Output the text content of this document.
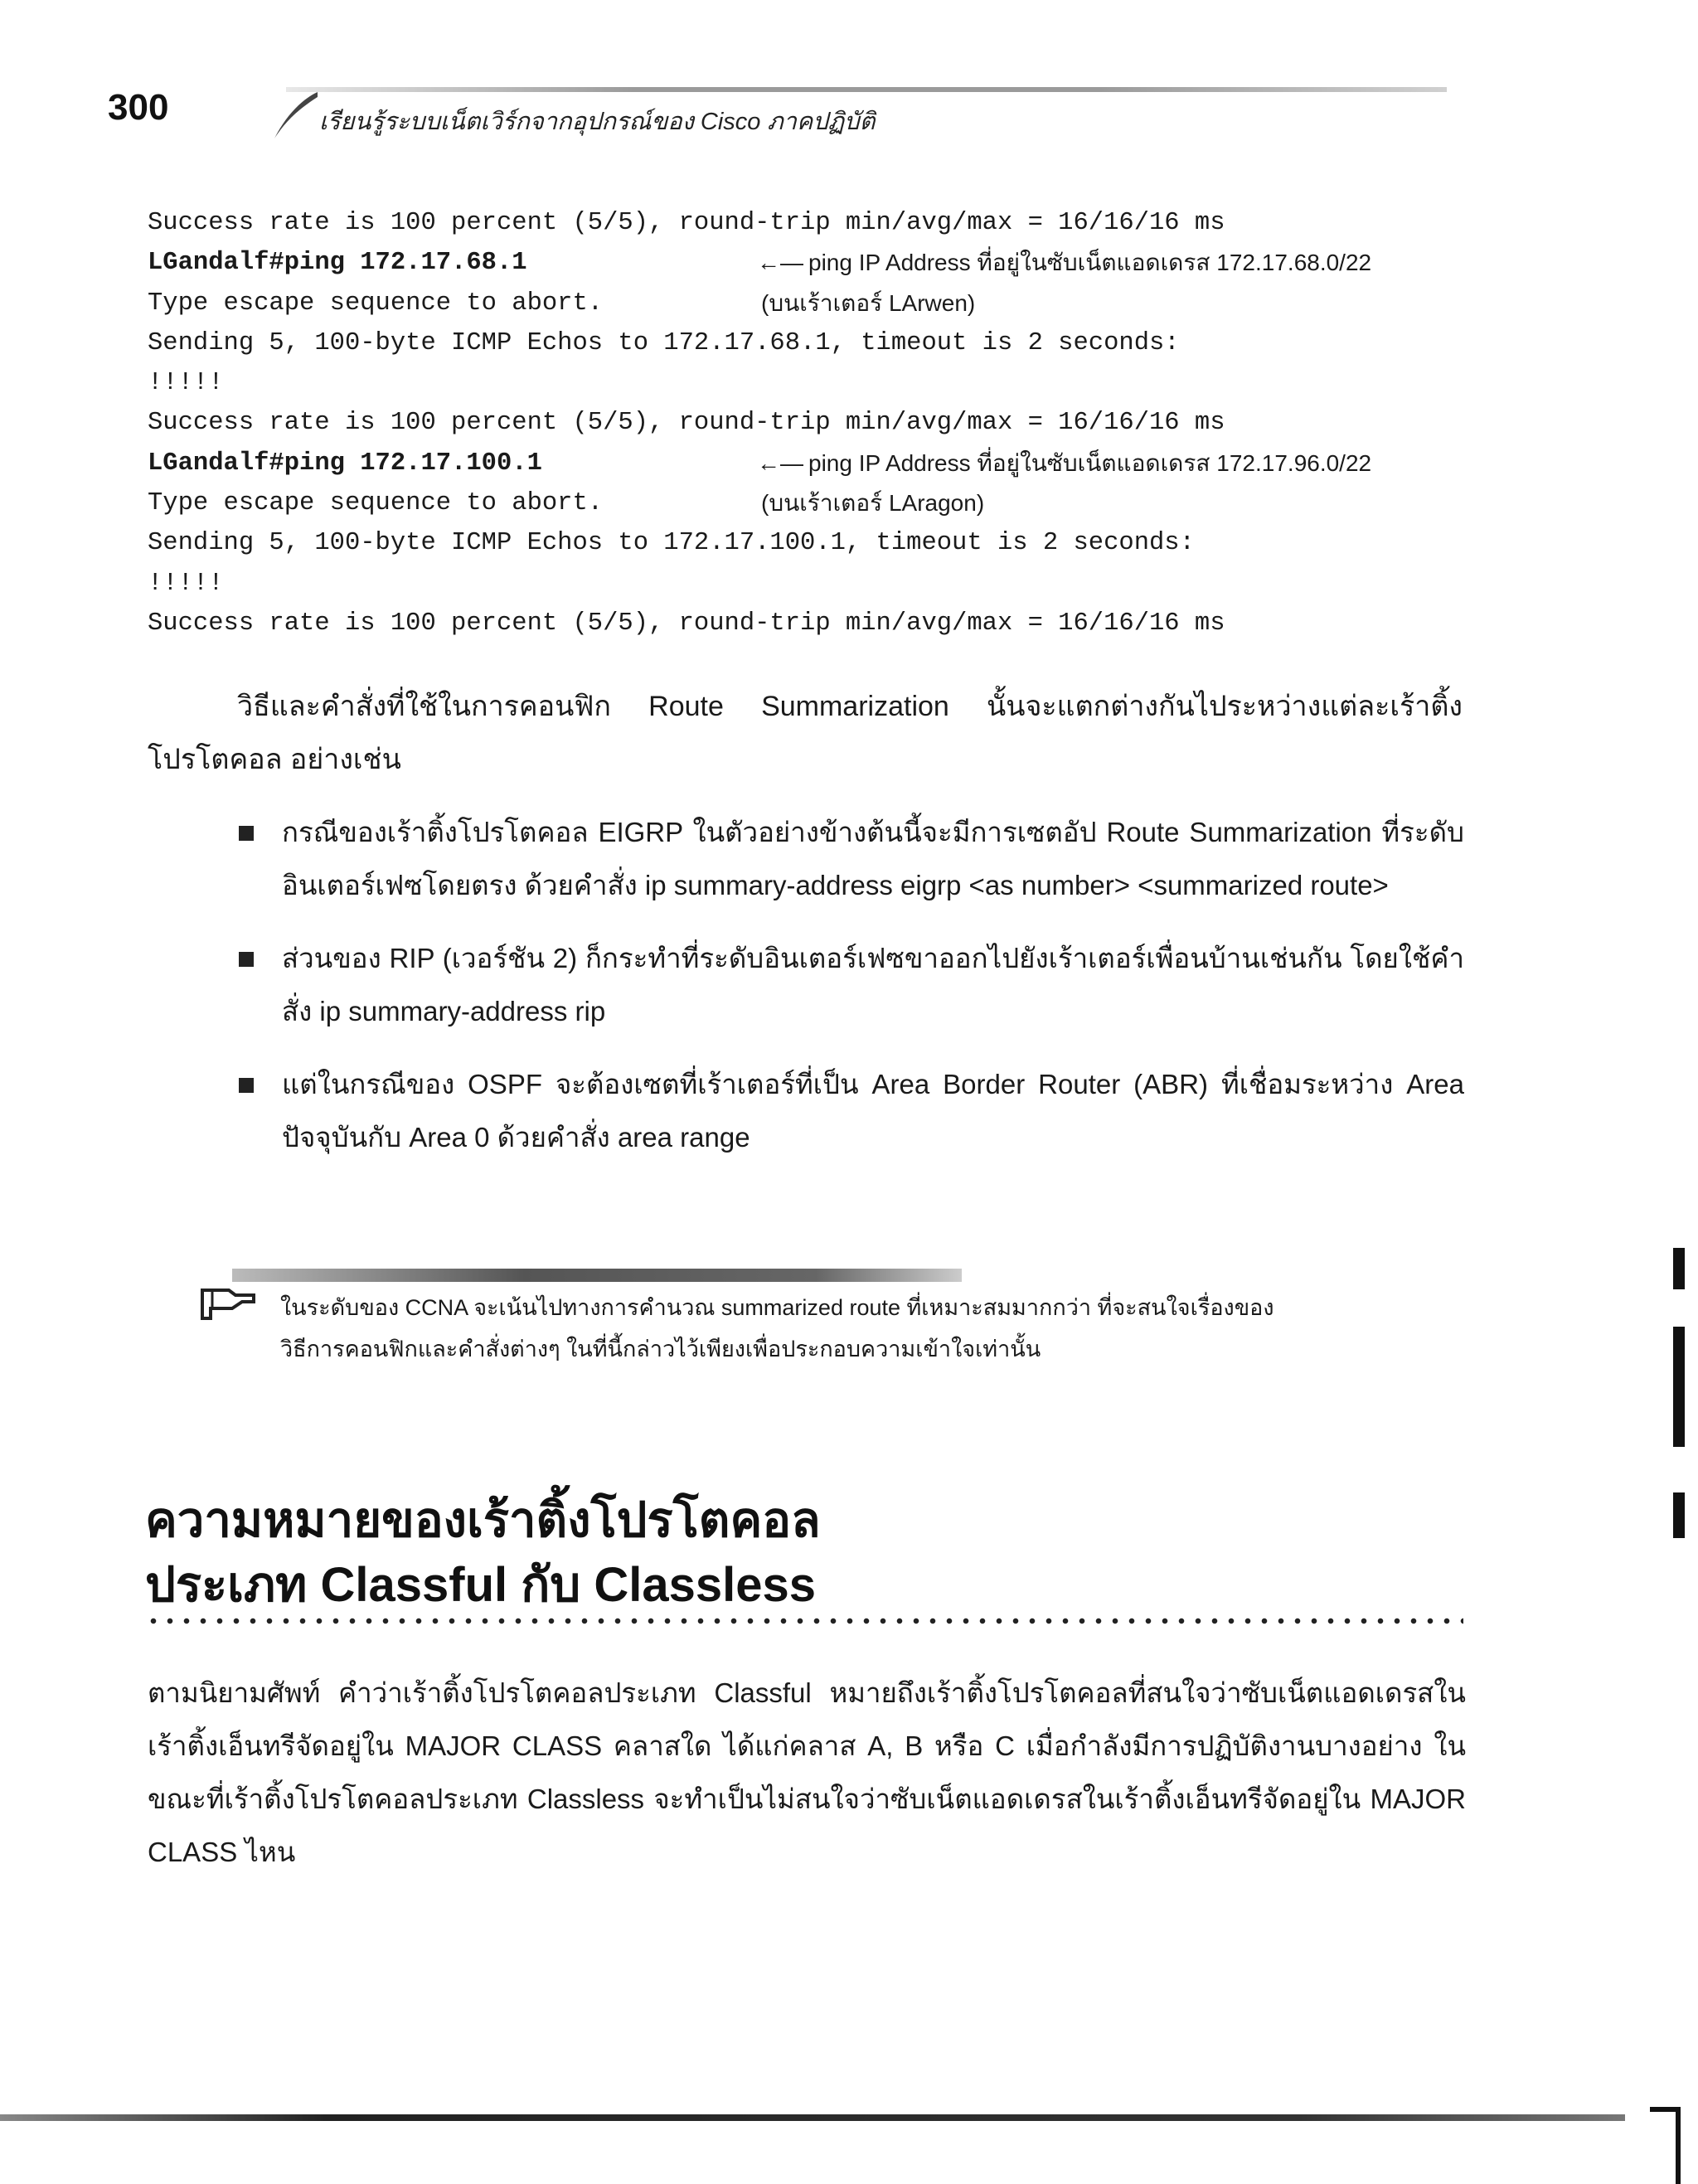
300	เรียนรู้ระบบเน็ตเวิร์กจากอุปกรณ์ของ Cisco ภาคปฏิบัติ
Success rate is 100 percent (5/5), round-trip min/avg/max = 16/16/16 ms
LGandalf#ping 172.17.68.1	←— ping IP Address ที่อยู่ในซับเน็ตแอดเดรส 172.17.68.0/22
Type escape sequence to abort.	(บนเร้าเตอร์ LArwen)
Sending 5, 100-byte ICMP Echos to 172.17.68.1, timeout is 2 seconds:
!!!!!
Success rate is 100 percent (5/5), round-trip min/avg/max = 16/16/16 ms
LGandalf#ping 172.17.100.1	←— ping IP Address ที่อยู่ในซับเน็ตแอดเดรส 172.17.96.0/22
Type escape sequence to abort.	(บนเร้าเตอร์ LAragon)
Sending 5, 100-byte ICMP Echos to 172.17.100.1, timeout is 2 seconds:
!!!!!
Success rate is 100 percent (5/5), round-trip min/avg/max = 16/16/16 ms
วิธีและคำสั่งที่ใช้ในการคอนฟิก Route Summarization นั้นจะแตกต่างกันไประหว่างแต่ละเร้าติ้งโปรโตคอล อย่างเช่น
กรณีของเร้าติ้งโปรโตคอล EIGRP ในตัวอย่างข้างต้นนี้จะมีการเซตอัป Route Summarization ที่ระดับอินเตอร์เฟซโดยตรง ด้วยคำสั่ง ip summary-address eigrp <as number> <summarized route>
ส่วนของ RIP (เวอร์ชัน 2) ก็กระทำที่ระดับอินเตอร์เฟซขาออกไปยังเร้าเตอร์เพื่อนบ้านเช่นกัน โดยใช้คำสั่ง ip summary-address rip
แต่ในกรณีของ OSPF จะต้องเซตที่เร้าเตอร์ที่เป็น Area Border Router (ABR) ที่เชื่อมระหว่าง Area ปัจจุบันกับ Area 0 ด้วยคำสั่ง area range
ในระดับของ CCNA จะเน้นไปทางการคำนวณ summarized route ที่เหมาะสมมากกว่า ที่จะสนใจเรื่องของ
วิธีการคอนฟิกและคำสั่งต่างๆ ในที่นี้กล่าวไว้เพียงเพื่อประกอบความเข้าใจเท่านั้น
ความหมายของเร้าติ้งโปรโตคอล
ประเภท Classful กับ Classless
ตามนิยามศัพท์ คำว่าเร้าติ้งโปรโตคอลประเภท Classful หมายถึงเร้าติ้งโปรโตคอลที่สนใจว่าซับเน็ตแอดเดรสในเร้าติ้งเอ็นทรีจัดอยู่ใน MAJOR CLASS คลาสใด ได้แก่คลาส A, B หรือ C เมื่อกำลังมีการปฏิบัติงานบางอย่าง ในขณะที่เร้าติ้งโปรโตคอลประเภท Classless จะทำเป็นไม่สนใจว่าซับเน็ตแอดเดรสในเร้าติ้งเอ็นทรีจัดอยู่ใน MAJOR CLASS ไหน
